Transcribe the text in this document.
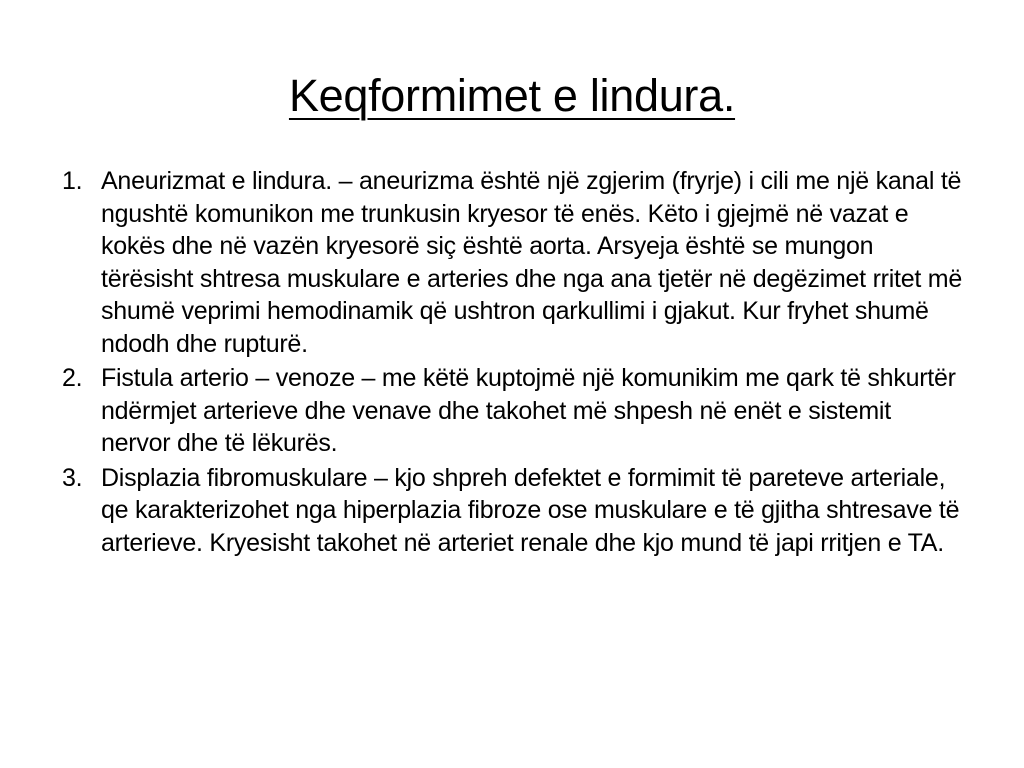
Keqformimet e lindura.
1. Aneurizmat e lindura. – aneurizma është një zgjerim (fryrje) i cili me një kanal të ngushtë komunikon me trunkusin kryesor të enës. Këto i gjejmë në vazat e kokës dhe në vazën kryesorë siç është aorta. Arsyeja është se mungon tërësisht shtresa muskulare e arteries dhe nga ana tjetër në degëzimet rritet më shumë veprimi hemodinamik që ushtron qarkullimi i gjakut. Kur fryhet shumë ndodh dhe rupturë.
2. Fistula arterio – venoze – me këtë kuptojmë një komunikim me qark të shkurtër ndërmjet arterieve dhe venave dhe takohet më shpesh në enët e sistemit nervor dhe të lëkurës.
3. Displazia fibromuskulare – kjo shpreh defektet e formimit të pareteve arteriale, qe karakterizohet nga hiperplazia fibroze ose muskulare e të gjitha shtresave të arterieve. Kryesisht takohet në arteriet renale dhe kjo mund të japi rritjen e TA.
